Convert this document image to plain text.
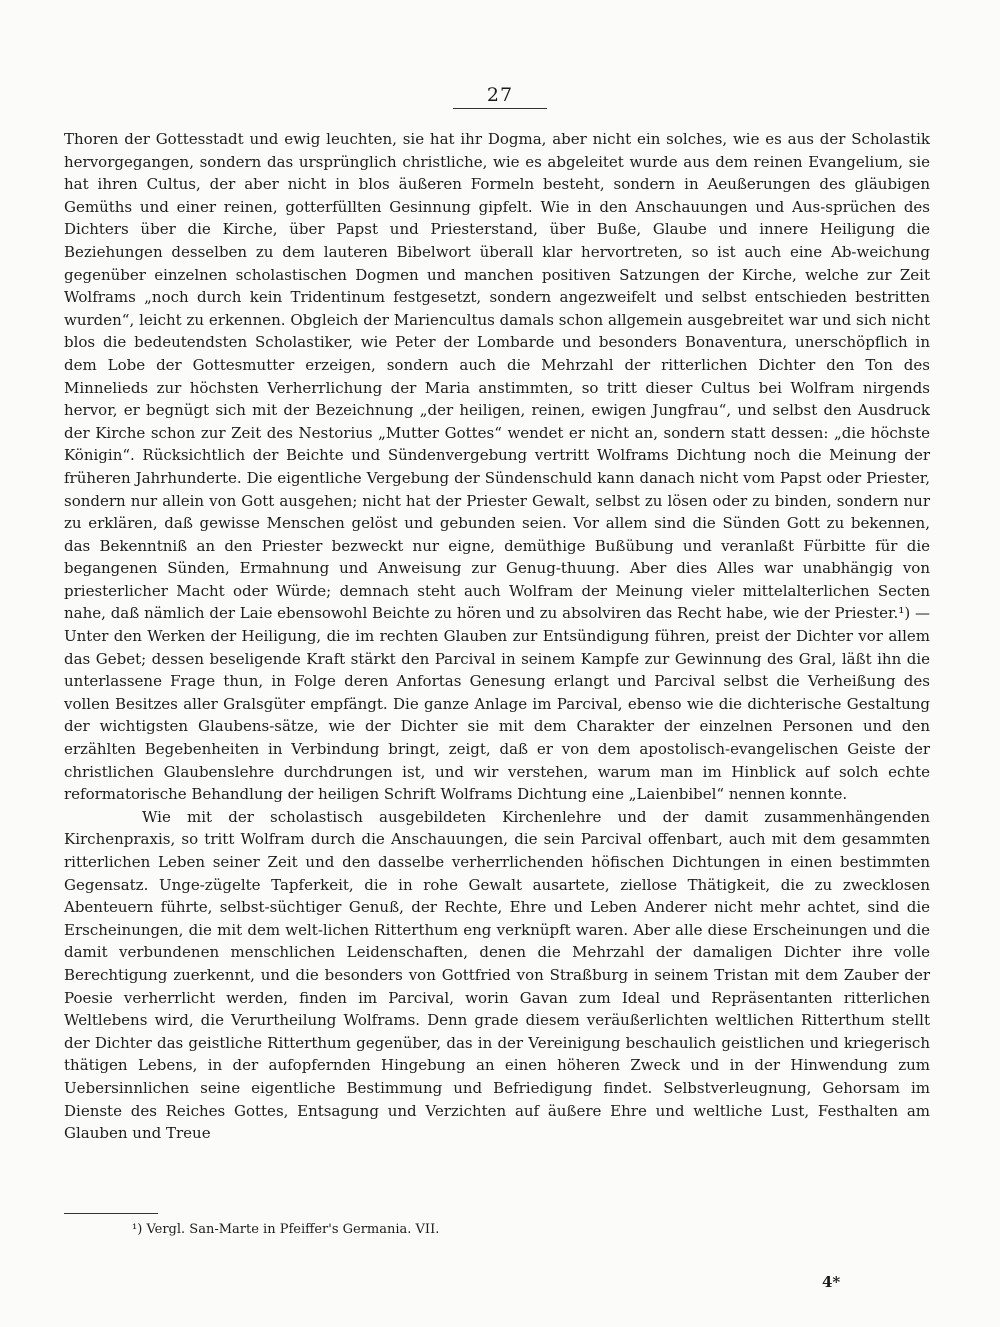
27

Thoren der Gottesstadt und ewig leuchten, sie hat ihr Dogma, aber nicht ein solches, wie es aus der Scholastik hervorgegangen, sondern das ursprünglich christliche, wie es abgeleitet wurde aus dem reinen Evangelium, sie hat ihren Cultus, der aber nicht in blos äußeren Formeln besteht, sondern in Aeußerungen des gläubigen Gemüths und einer reinen, gotterfüllten Gesinnung gipfelt. Wie in den Anschauungen und Aus-sprüchen des Dichters über die Kirche, über Papst und Priesterstand, über Buße, Glaube und innere Heiligung die Beziehungen desselben zu dem lauteren Bibelwort überall klar hervortreten, so ist auch eine Ab-weichung gegenüber einzelnen scholastischen Dogmen und manchen positiven Satzungen der Kirche, welche zur Zeit Wolframs „noch durch kein Tridentinum festgesetzt, sondern angezweifelt und selbst entschieden bestritten wurden“, leicht zu erkennen. Obgleich der Mariencultus damals schon allgemein ausgebreitet war und sich nicht blos die bedeutendsten Scholastiker, wie Peter der Lombarde und besonders Bonaventura, unerschöpflich in dem Lobe der Gottesmutter erzeigen, sondern auch die Mehrzahl der ritterlichen Dichter den Ton des Minnelieds zur höchsten Verherrlichung der Maria anstimmten, so tritt dieser Cultus bei Wolfram nirgends hervor, er begnügt sich mit der Bezeichnung „der heiligen, reinen, ewigen Jungfrau“, und selbst den Ausdruck der Kirche schon zur Zeit des Nestorius „Mutter Gottes“ wendet er nicht an, sondern statt dessen: „die höchste Königin“. Rücksichtlich der Beichte und Sündenvergebung vertritt Wolframs Dichtung noch die Meinung der früheren Jahrhunderte. Die eigentliche Vergebung der Sündenschuld kann danach nicht vom Papst oder Priester, sondern nur allein von Gott ausgehen; nicht hat der Priester Gewalt, selbst zu lösen oder zu binden, sondern nur zu erklären, daß gewisse Menschen gelöst und gebunden seien. Vor allem sind die Sünden Gott zu bekennen, das Bekenntniß an den Priester bezweckt nur eigne, demüthige Bußübung und veranlaßt Fürbitte für die begangenen Sünden, Ermahnung und Anweisung zur Genug-thuung. Aber dies Alles war unabhängig von priesterlicher Macht oder Würde; demnach steht auch Wolfram der Meinung vieler mittelalterlichen Secten nahe, daß nämlich der Laie ebensowohl Beichte zu hören und zu absolviren das Recht habe, wie der Priester.¹) — Unter den Werken der Heiligung, die im rechten Glauben zur Entsündigung führen, preist der Dichter vor allem das Gebet; dessen beseligende Kraft stärkt den Parcival in seinem Kampfe zur Gewinnung des Gral, läßt ihn die unterlassene Frage thun, in Folge deren Anfortas Genesung erlangt und Parcival selbst die Verheißung des vollen Besitzes aller Gralsgüter empfängt. Die ganze Anlage im Parcival, ebenso wie die dichterische Gestaltung der wichtigsten Glaubens-sätze, wie der Dichter sie mit dem Charakter der einzelnen Personen und den erzählten Begebenheiten in Verbindung bringt, zeigt, daß er von dem apostolisch-evangelischen Geiste der christlichen Glaubenslehre durchdrungen ist, und wir verstehen, warum man im Hinblick auf solch echte reformatorische Behandlung der heiligen Schrift Wolframs Dichtung eine „Laienbibel“ nennen konnte.

Wie mit der scholastisch ausgebildeten Kirchenlehre und der damit zusammenhängenden Kirchenpraxis, so tritt Wolfram durch die Anschauungen, die sein Parcival offenbart, auch mit dem gesammten ritterlichen Leben seiner Zeit und den dasselbe verherrlichenden höfischen Dichtungen in einen bestimmten Gegensatz. Unge-zügelte Tapferkeit, die in rohe Gewalt ausartete, ziellose Thätigkeit, die zu zwecklosen Abenteuern führte, selbst-süchtiger Genuß, der Rechte, Ehre und Leben Anderer nicht mehr achtet, sind die Erscheinungen, die mit dem welt-lichen Ritterthum eng verknüpft waren. Aber alle diese Erscheinungen und die damit verbundenen menschlichen Leidenschaften, denen die Mehrzahl der damaligen Dichter ihre volle Berechtigung zuerkennt, und die besonders von Gottfried von Straßburg in seinem Tristan mit dem Zauber der Poesie verherrlicht werden, finden im Parcival, worin Gavan zum Ideal und Repräsentanten ritterlichen Weltlebens wird, die Verurtheilung Wolframs. Denn grade diesem veräußerlichten weltlichen Ritterthum stellt der Dichter das geistliche Ritterthum gegenüber, das in der Vereinigung beschaulich geistlichen und kriegerisch thätigen Lebens, in der aufopfernden Hingebung an einen höheren Zweck und in der Hinwendung zum Uebersinnlichen seine eigentliche Bestimmung und Befriedigung findet. Selbstverleugnung, Gehorsam im Dienste des Reiches Gottes, Entsagung und Verzichten auf äußere Ehre und weltliche Lust, Festhalten am Glauben und Treue

¹) Vergl. San-Marte in Pfeiffer's Germania. VII.
4*
